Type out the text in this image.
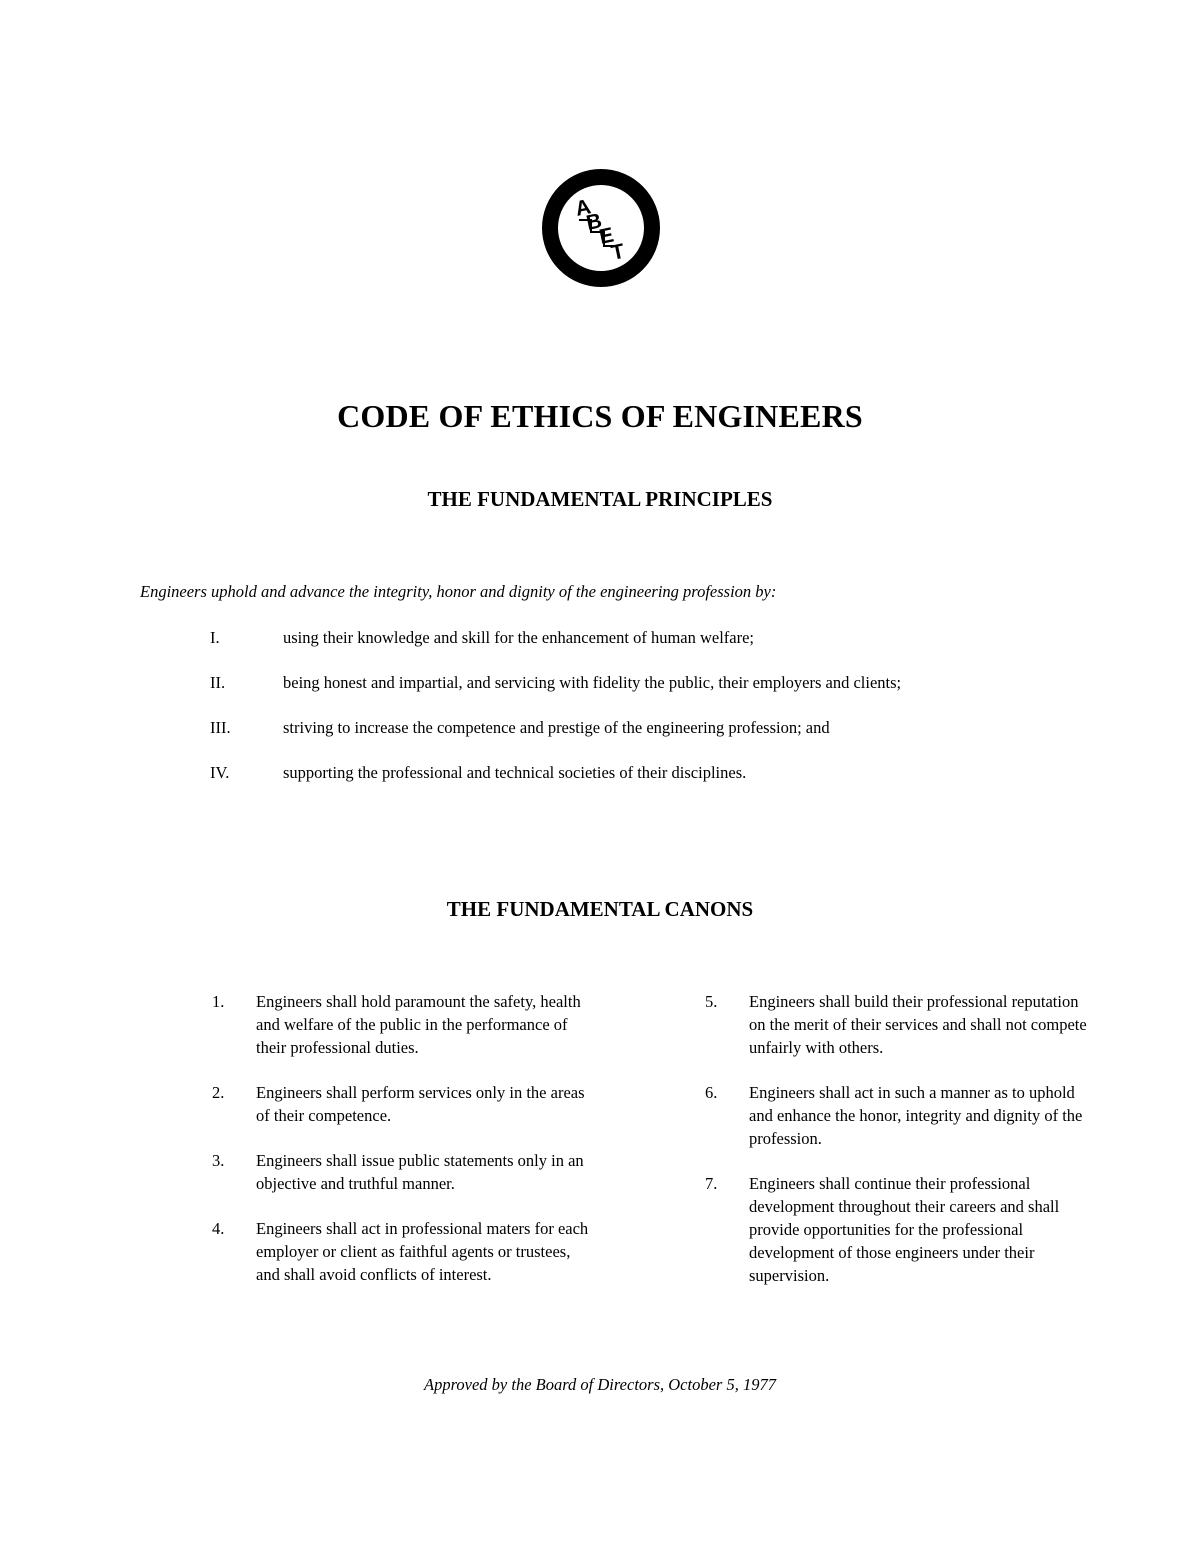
A
B
E
T
CODE OF ETHICS OF ENGINEERS
THE FUNDAMENTAL PRINCIPLES

Engineers uphold and advance the integrity, honor and dignity of the engineering profession by:

I.	using their knowledge and skill for the enhancement of human welfare;
II.	being honest and impartial, and servicing with fidelity the public, their employers and clients;
III.	striving to increase the competence and prestige of the engineering profession; and
IV.	supporting the professional and technical societies of their disciplines.
THE FUNDAMENTAL CANONS
1.	Engineers shall hold paramount the safety, health and welfare of the public in the performance of their professional duties.
2.	Engineers shall perform services only in the areas of their competence.
3.	Engineers shall issue public statements only in an objective and truthful manner.
4.	Engineers shall act in professional maters for each employer or client as faithful agents or trustees, and shall avoid conflicts of interest.
5.	Engineers shall build their professional reputation on the merit of their services and shall not compete unfairly with others.
6.	Engineers shall act in such a manner as to uphold and enhance the honor, integrity and dignity of the profession.
7.	Engineers shall continue their professional development throughout their careers and shall provide opportunities for the professional development of those engineers under their supervision.

Approved by the Board of Directors, October 5, 1977
